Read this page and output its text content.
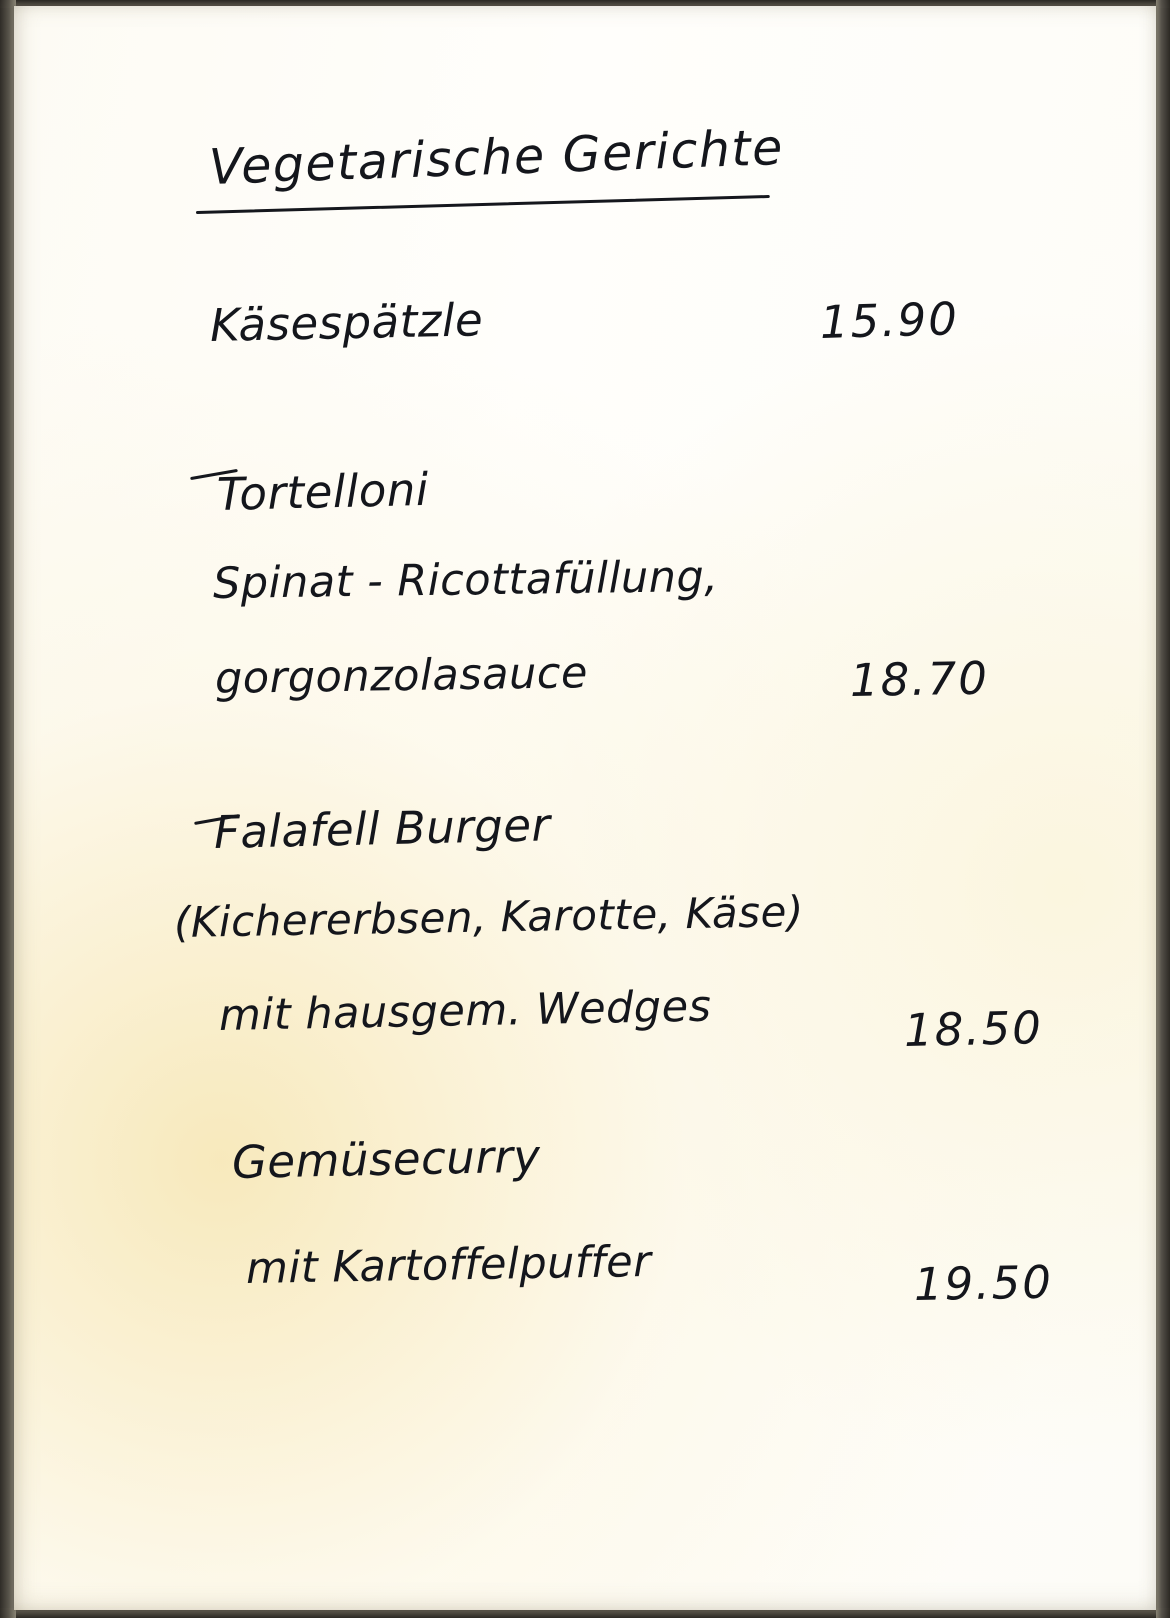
Vegetarische Gerichte
Käsespätzle	15.90
Tortelloni
Spinat - Ricottafüllung,
gorgonzolasauce	18.70
Falafell Burger
(Kichererbsen, Karotte, Käse)
mit hausgem. Wedges	18.50
Gemüsecurry
mit Kartoffelpuffer	19.50
